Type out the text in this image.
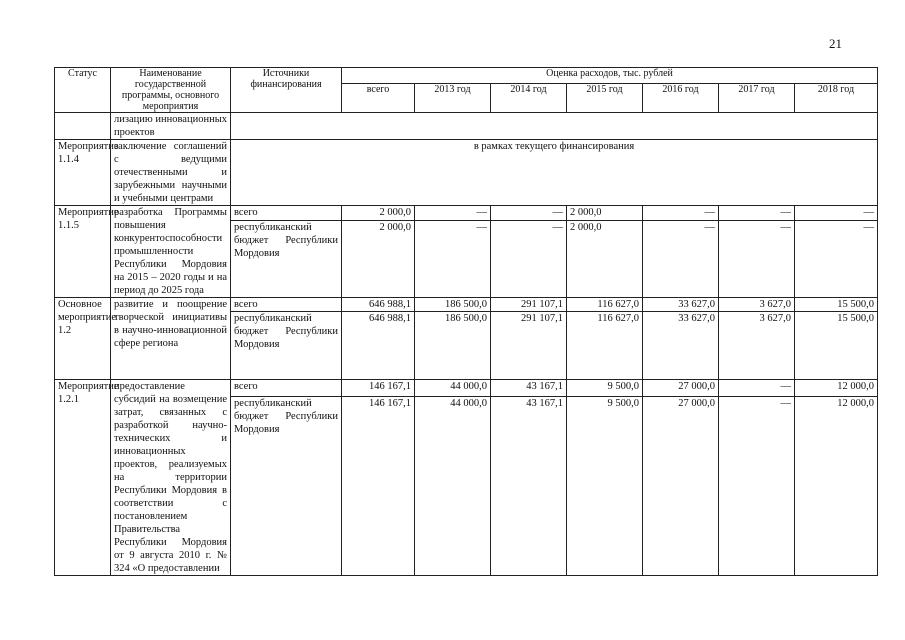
21
Статус	Наименование государственной программы, основного мероприятия	Источники финансирования	Оценка расходов, тыс. рублей						
			всего	2013 год	2014 год	2015 год	2016 год	2017 год	2018 год
	лизацию инновационных проектов								
Мероприятие 1.1.4	заключение соглашений с ведущими отечественными и зарубежными научными и учебными центрами	в рамках текущего финансирования							
Мероприятие 1.1.5	разработка Программы повышения конкурентоспособности промышленности Республики Мордовия на 2015 – 2020 годы и на период до 2025 года	всего	2 000,0	—	—	2 000,0	—	—	—
		республиканский бюджет Республики Мордовия	2 000,0	—	—	2 000,0	—	—	—
Основное мероприятие 1.2	развитие и поощрение творческой инициативы в научно-инновационной сфере региона	всего	646 988,1	186 500,0	291 107,1	116 627,0	33 627,0	3 627,0	15 500,0
		республиканский бюджет Республики Мордовия	646 988,1	186 500,0	291 107,1	116 627,0	33 627,0	3 627,0	15 500,0
Мероприятие 1.2.1	предоставление субсидий на возмещение затрат, связанных с разработкой научно-технических и инновационных проектов, реализуемых на территории Республики Мордовия в соответствии с постановлением Правительства Республики Мордовия от 9 августа 2010 г. № 324 «О предоставлении	всего	146 167,1	44 000,0	43 167,1	9 500,0	27 000,0	—	12 000,0
		республиканский бюджет Республики Мордовия	146 167,1	44 000,0	43 167,1	9 500,0	27 000,0	—	12 000,0
